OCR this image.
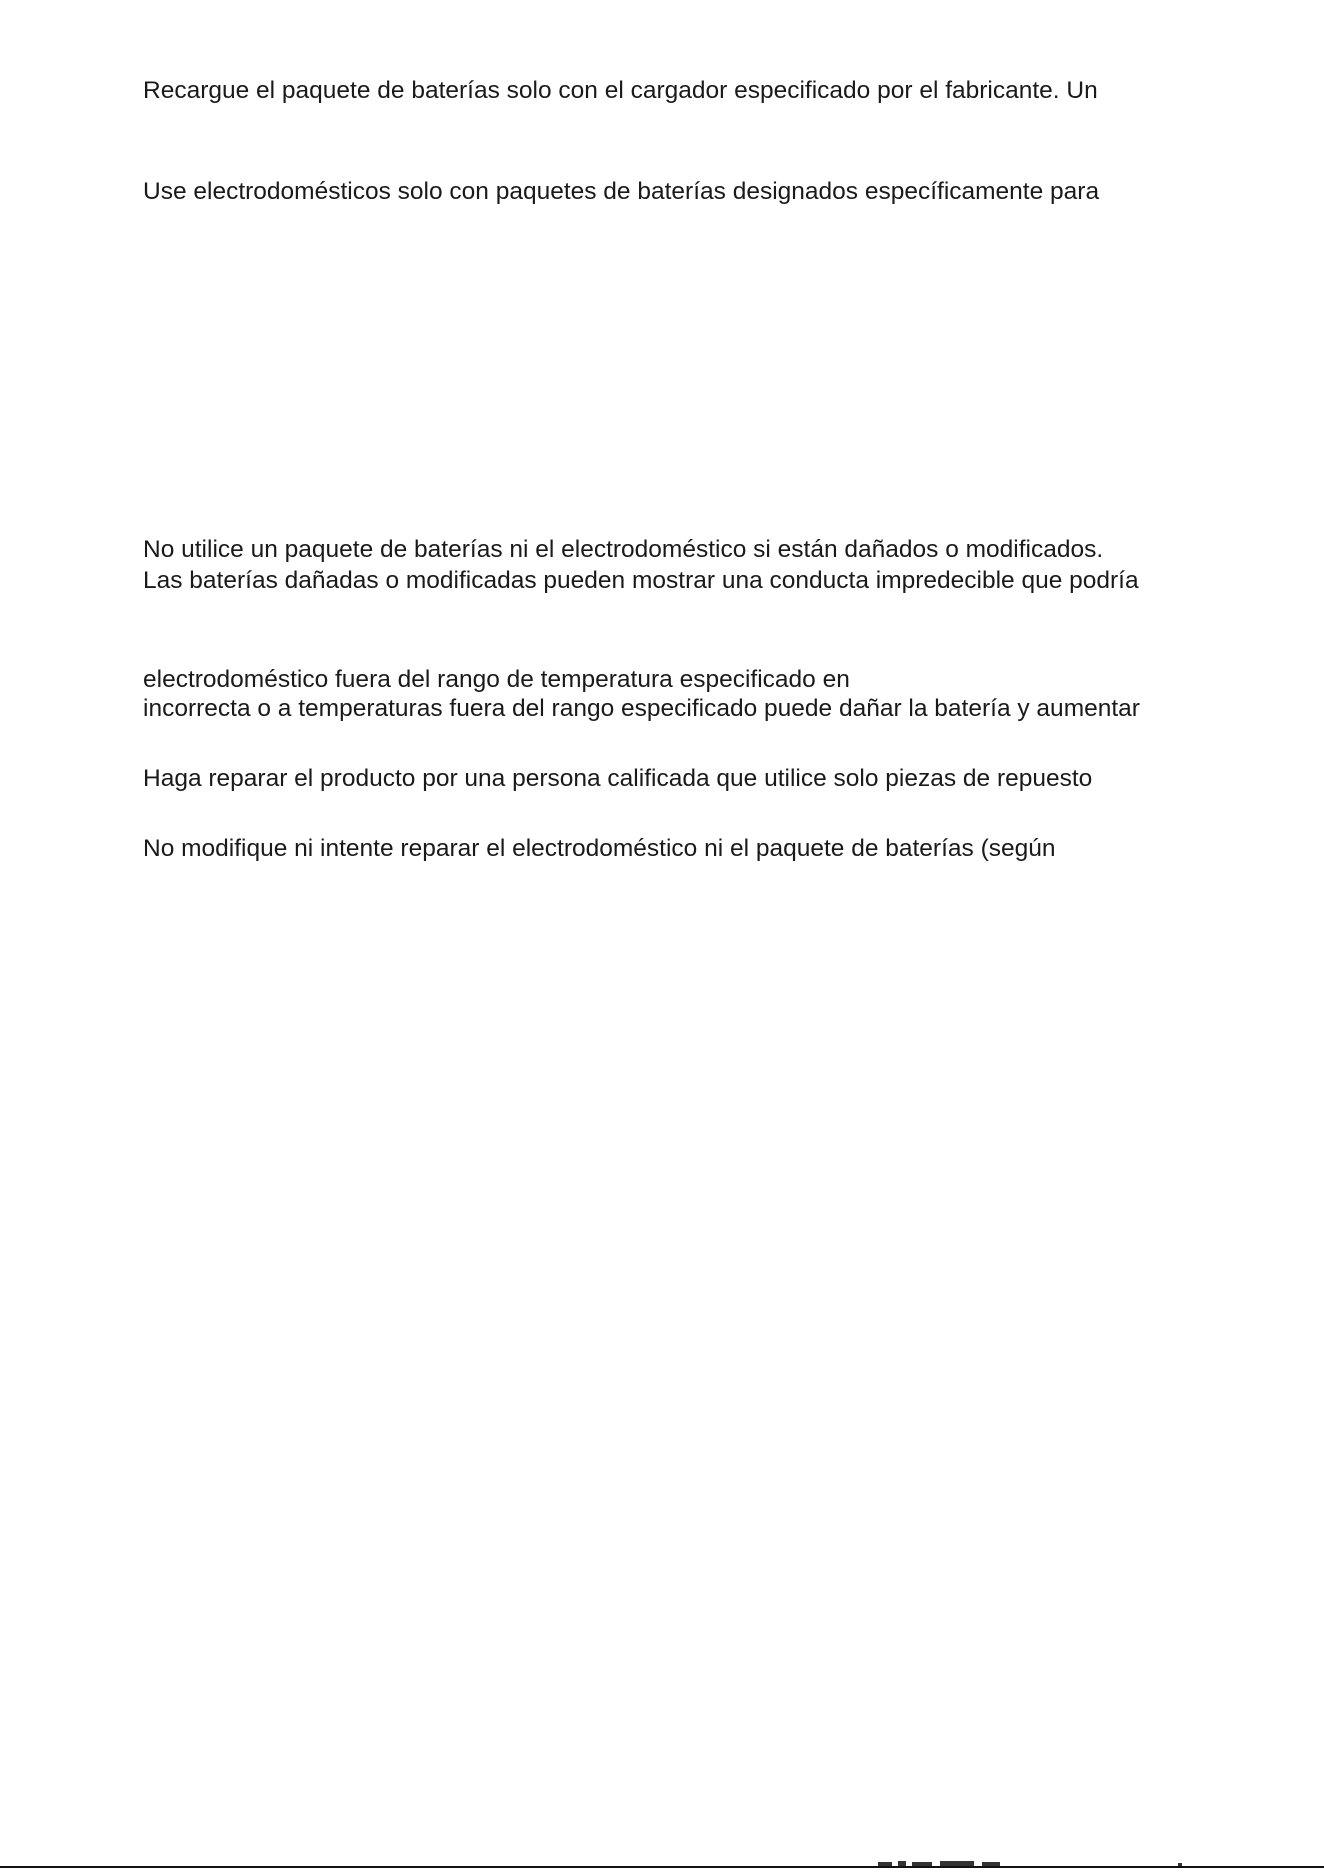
Recargue el paquete de baterías solo con el cargador especificado por el fabricante. Un
Use electrodomésticos solo con paquetes de baterías designados específicamente para
No utilice un paquete de baterías ni el electrodoméstico si están dañados o modificados.
Las baterías dañadas o modificadas pueden mostrar una conducta impredecible que podría
electrodoméstico fuera del rango de temperatura especificado en
incorrecta o a temperaturas fuera del rango especificado puede dañar la batería y aumentar
Haga reparar el producto por una persona calificada que utilice solo piezas de repuesto
No modifique ni intente reparar el electrodoméstico ni el paquete de baterías (según
